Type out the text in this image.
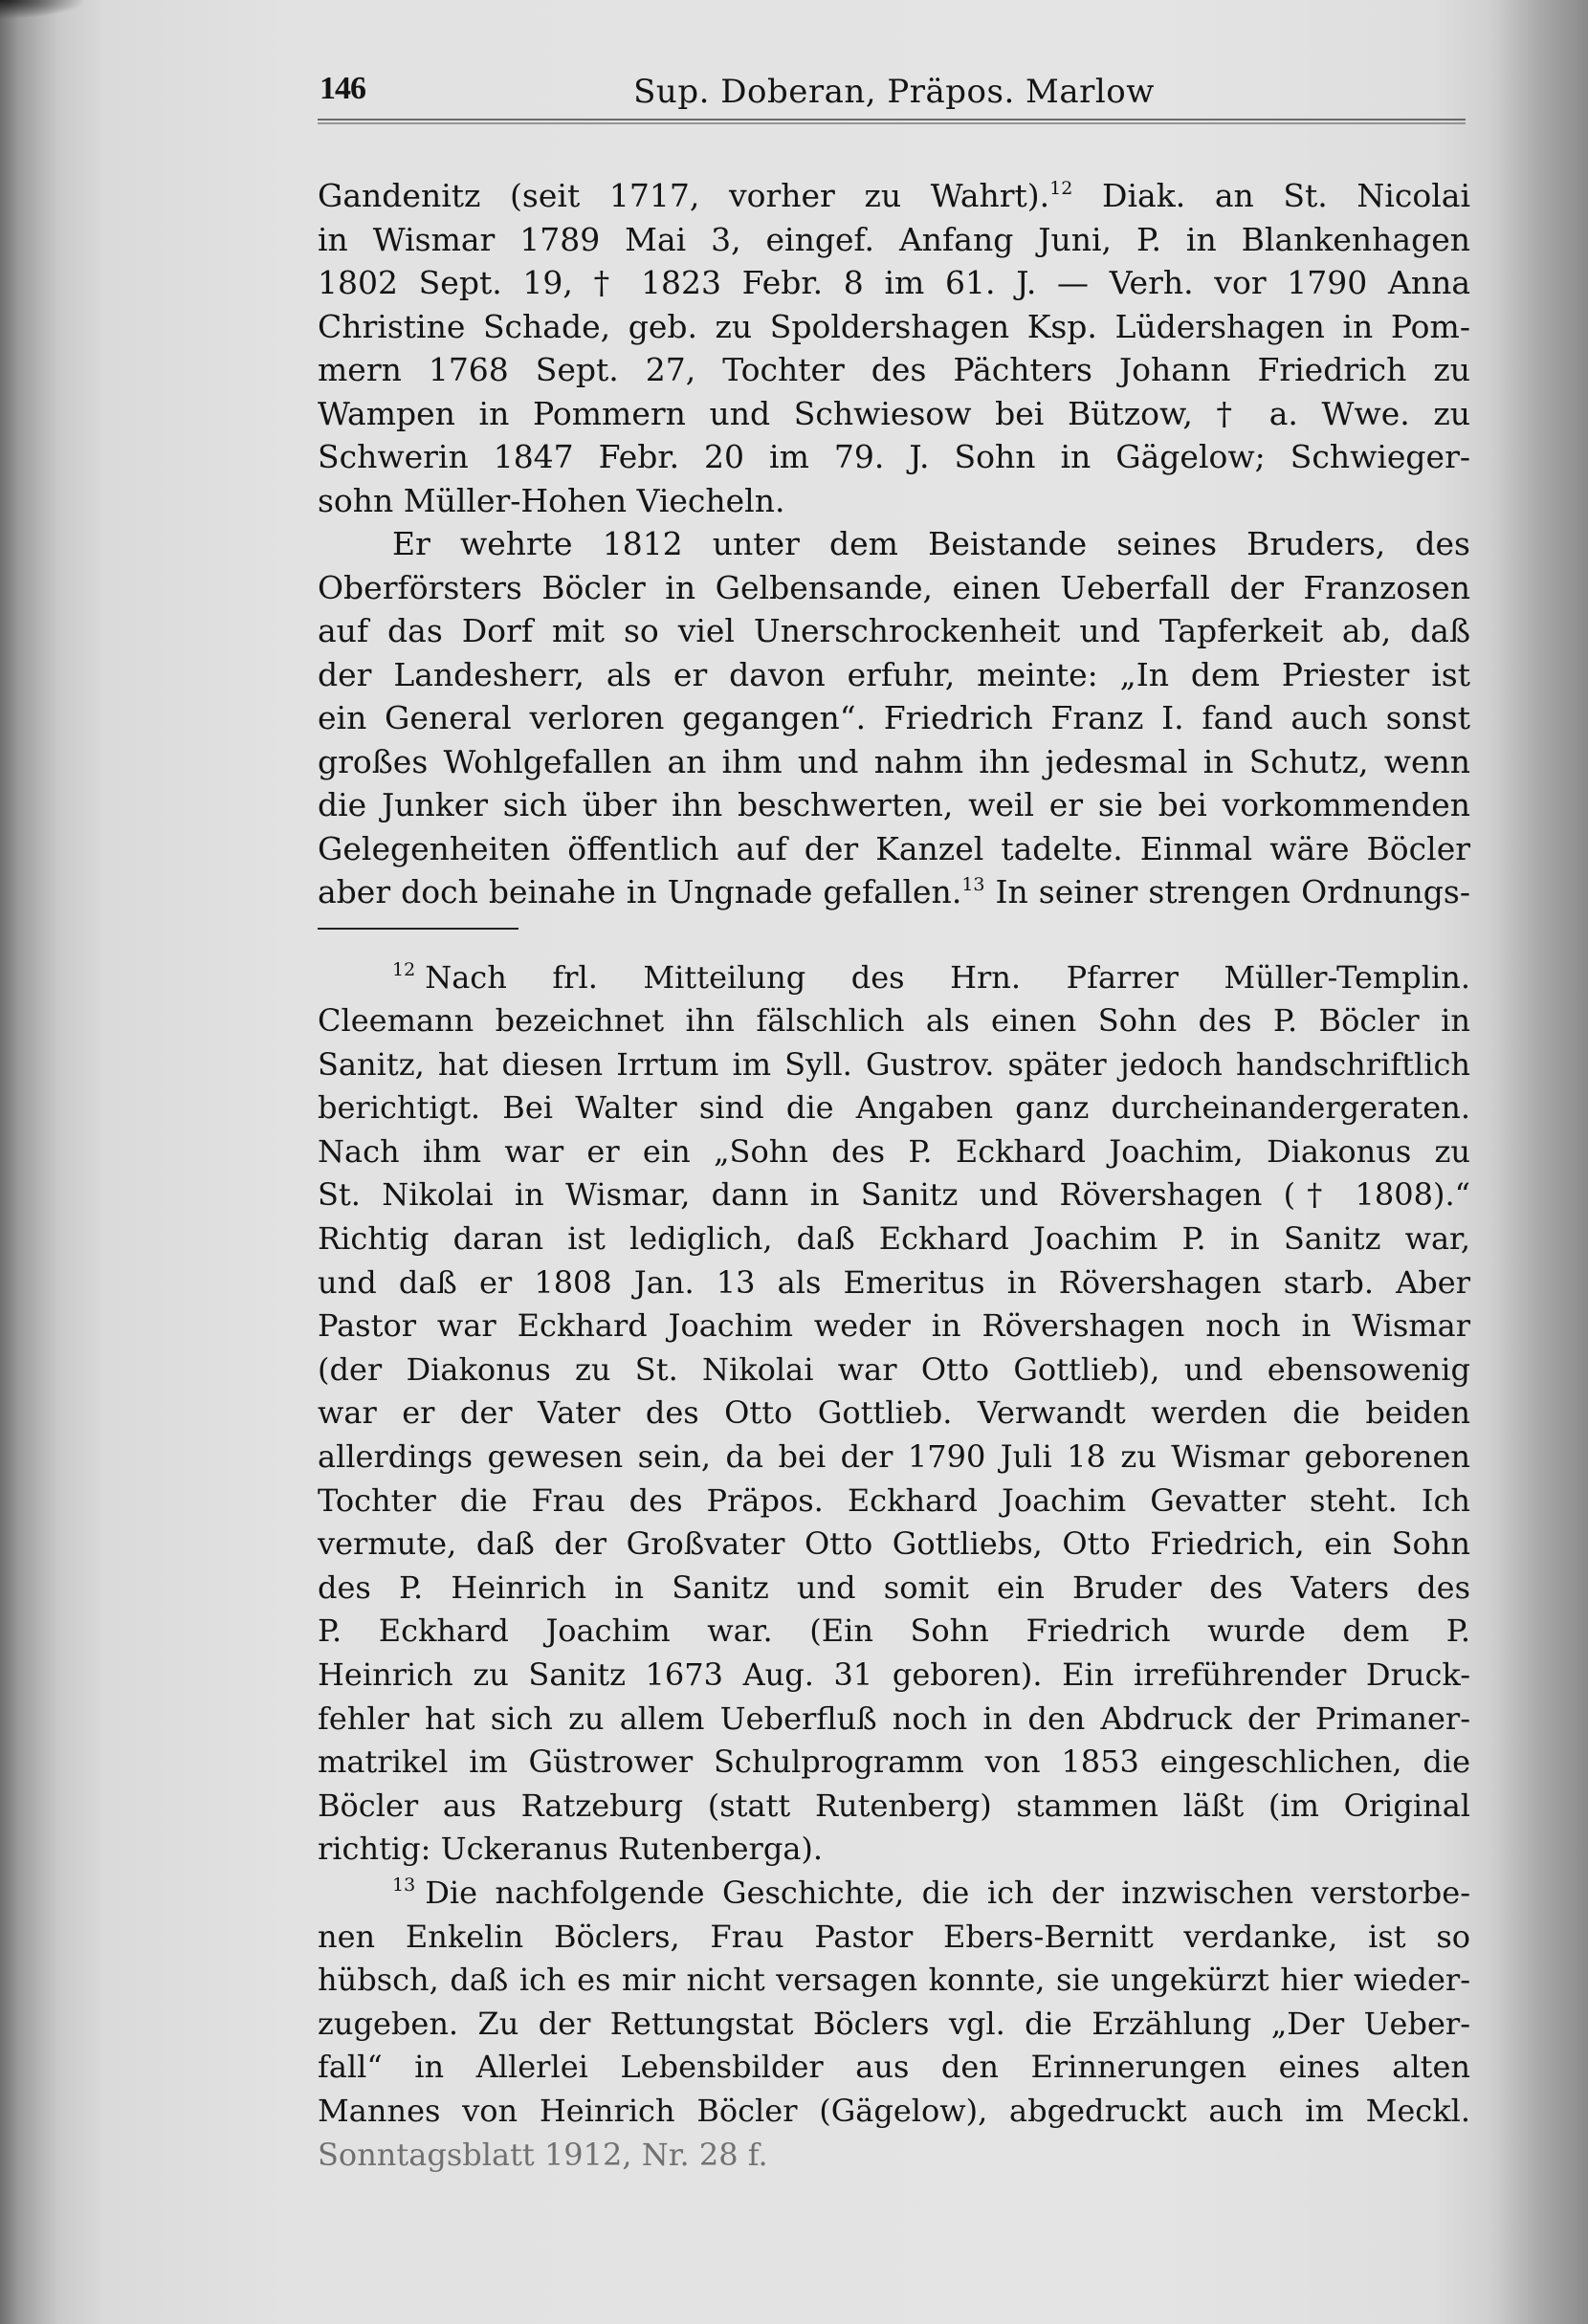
146	Sup. Doberan, Präpos. Marlow

Gandenitz (seit 1717, vorher zu Wahrt).$^{12}$ Diak. an St. Nicolai
in Wismar 1789 Mai 3, eingef. Anfang Juni, P. in Blankenhagen
1802 Sept. 19, † 1823 Febr. 8 im 61. J. — Verh. vor 1790 Anna
Christine Schade, geb. zu Spoldershagen Ksp. Lüdershagen in Pom-
mern 1768 Sept. 27, Tochter des Pächters Johann Friedrich zu
Wampen in Pommern und Schwiesow bei Bützow, † a. Wwe. zu
Schwerin 1847 Febr. 20 im 79. J. Sohn in Gägelow; Schwieger-
sohn Müller-Hohen Viecheln.

Er wehrte 1812 unter dem Beistande seines Bruders, des
Oberförsters Böcler in Gelbensande, einen Ueberfall der Franzosen
auf das Dorf mit so viel Unerschrockenheit und Tapferkeit ab, daß
der Landesherr, als er davon erfuhr, meinte: „In dem Priester ist
ein General verloren gegangen“. Friedrich Franz I. fand auch sonst
großes Wohlgefallen an ihm und nahm ihn jedesmal in Schutz, wenn
die Junker sich über ihn beschwerten, weil er sie bei vorkommenden
Gelegenheiten öffentlich auf der Kanzel tadelte. Einmal wäre Böcler
aber doch beinahe in Ungnade gefallen.$^{13}$ In seiner strengen Ordnungs-

$^{12}$ Nach frl. Mitteilung des Hrn. Pfarrer Müller-Templin.
Cleemann bezeichnet ihn fälschlich als einen Sohn des P. Böcler in
Sanitz, hat diesen Irrtum im Syll. Gustrov. später jedoch handschriftlich
berichtigt. Bei Walter sind die Angaben ganz durcheinandergeraten.
Nach ihm war er ein „Sohn des P. Eckhard Joachim, Diakonus zu
St. Nikolai in Wismar, dann in Sanitz und Rövershagen († 1808).“
Richtig daran ist lediglich, daß Eckhard Joachim P. in Sanitz war,
und daß er 1808 Jan. 13 als Emeritus in Rövershagen starb. Aber
Pastor war Eckhard Joachim weder in Rövershagen noch in Wismar
(der Diakonus zu St. Nikolai war Otto Gottlieb), und ebensowenig
war er der Vater des Otto Gottlieb. Verwandt werden die beiden
allerdings gewesen sein, da bei der 1790 Juli 18 zu Wismar geborenen
Tochter die Frau des Präpos. Eckhard Joachim Gevatter steht. Ich
vermute, daß der Großvater Otto Gottliebs, Otto Friedrich, ein Sohn
des P. Heinrich in Sanitz und somit ein Bruder des Vaters des
P. Eckhard Joachim war. (Ein Sohn Friedrich wurde dem P.
Heinrich zu Sanitz 1673 Aug. 31 geboren). Ein irreführender Druck-
fehler hat sich zu allem Ueberfluß noch in den Abdruck der Primaner-
matrikel im Güstrower Schulprogramm von 1853 eingeschlichen, die
Böcler aus Ratzeburg (statt Rutenberg) stammen läßt (im Original
richtig: Uckeranus Rutenberga).
$^{13}$ Die nachfolgende Geschichte, die ich der inzwischen verstorbe-
nen Enkelin Böclers, Frau Pastor Ebers-Bernitt verdanke, ist so
hübsch, daß ich es mir nicht versagen konnte, sie ungekürzt hier wieder-
zugeben. Zu der Rettungstat Böclers vgl. die Erzählung „Der Ueber-
fall“ in Allerlei Lebensbilder aus den Erinnerungen eines alten
Mannes von Heinrich Böcler (Gägelow), abgedruckt auch im Meckl.
Sonntagsblatt 1912, Nr. 28 f.
